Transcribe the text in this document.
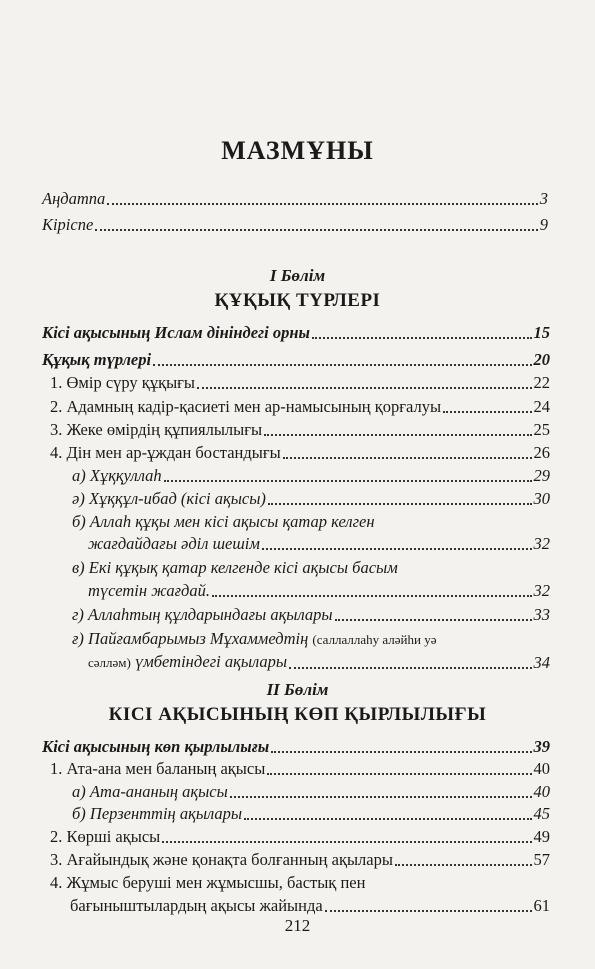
МАЗМҰНЫ
Аңдатпа	3
Кіріспе	9
І Бөлім
ҚҰҚЫҚ ТҮРЛЕРІ
Кісі ақысының Ислам дініндегі орны	15
Құқық түрлері	20
1. Өмір сүру құқығы	22
2. Адамның кадір-қасиеті мен ар-намысының қорғалуы	24
3. Жеке өмірдің құпиялылығы	25
4. Дін мен ар-ұждан бостандығы	26
а) Хұққуллаһ	29
ә) Хұққұл-ибад (кісі ақысы)	30
б) Аллаһ құқы мен кісі ақысы қатар келген
жағдайдағы әділ шешім	32
в) Екі құқық қатар келгенде кісі ақысы басым
түсетін жағдай.	32
г) Аллаһтың құлдарындағы ақылары	33
ғ) Пайғамбарымыз Мұхаммедтің (саллаллаһу аләйһи уә
сәллəм) үмбетіндегі ақылары	34
ІІ Бөлім
КІСІ АҚЫСЫНЫҢ КӨП ҚЫРЛЫЛЫҒЫ
Кісі ақысының көп қырлылығы	39
1. Ата-ана мен баланың ақысы	40
а) Ата-ананың ақысы	40
б) Перзенттің ақылары	45
2. Көрші ақысы	49
3. Ағайындық және қонақта болғанның ақылары	57
4. Жұмыс беруші мен жұмысшы, бастық пен
бағыныштылардың ақысы жайында	61
212
